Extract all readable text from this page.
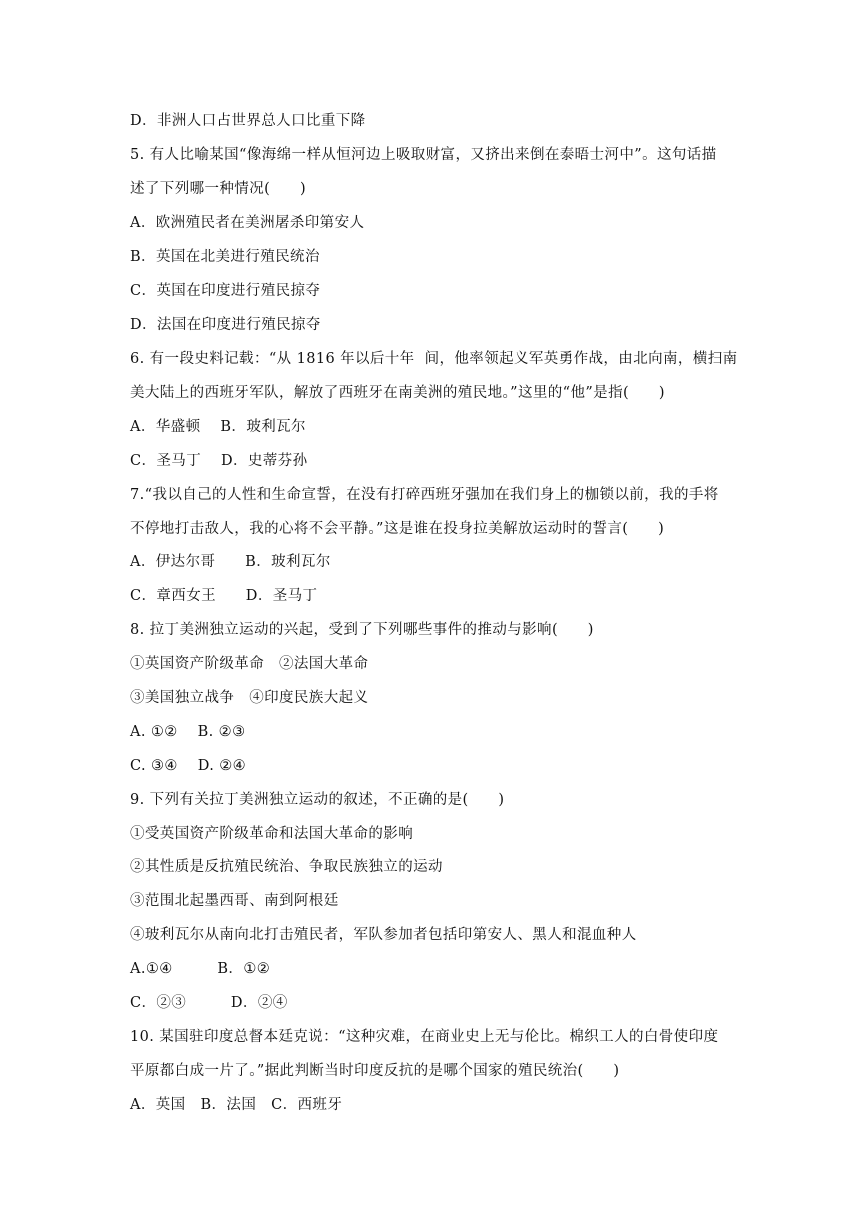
D．非洲人口占世界总人口比重下降
5. 有人比喻某国“像海绵一样从恒河边上吸取财富，又挤出来倒在泰晤士河中”。这句话描
述了下列哪一种情况(　　)
A．欧洲殖民者在美洲屠杀印第安人
B．英国在北美进行殖民统治
C．英国在印度进行殖民掠夺
D．法国在印度进行殖民掠夺
6. 有一段史料记载：“从 1816 年以后十年  间，他率领起义军英勇作战，由北向南，横扫南
美大陆上的西班牙军队，解放了西班牙在南美洲的殖民地。”这里的“他”是指(　　)
A．华盛顿　 B．玻利瓦尔
C．圣马丁　 D．史蒂芬孙
7.“我以自己的人性和生命宣誓，在没有打碎西班牙强加在我们身上的枷锁以前，我的手将
不停地打击敌人，我的心将不会平静。”这是谁在投身拉美解放运动时的誓言(　　)
A．伊达尔哥　　B．玻利瓦尔
C．章西女王　　D．圣马丁
8. 拉丁美洲独立运动的兴起，受到了下列哪些事件的推动与影响(　　)
①英国资产阶级革命　②法国大革命
③美国独立战争　④印度民族大起义
A. ①②　 B. ②③
C. ③④　 D. ②④
9. 下列有关拉丁美洲独立运动的叙述，不正确的是(　　)
①受英国资产阶级革命和法国大革命的影响
②其性质是反抗殖民统治、争取民族独立的运动
③范围北起墨西哥、南到阿根廷
④玻利瓦尔从南向北打击殖民者，军队参加者包括印第安人、黑人和混血种人
A.①④　　　B．①②
C．②③　　　D．②④
10. 某国驻印度总督本廷克说：“这种灾难，在商业史上无与伦比。棉织工人的白骨使印度
平原都白成一片了。”据此判断当时印度反抗的是哪个国家的殖民统治(　　)
A．英国　B．法国　C．西班牙
